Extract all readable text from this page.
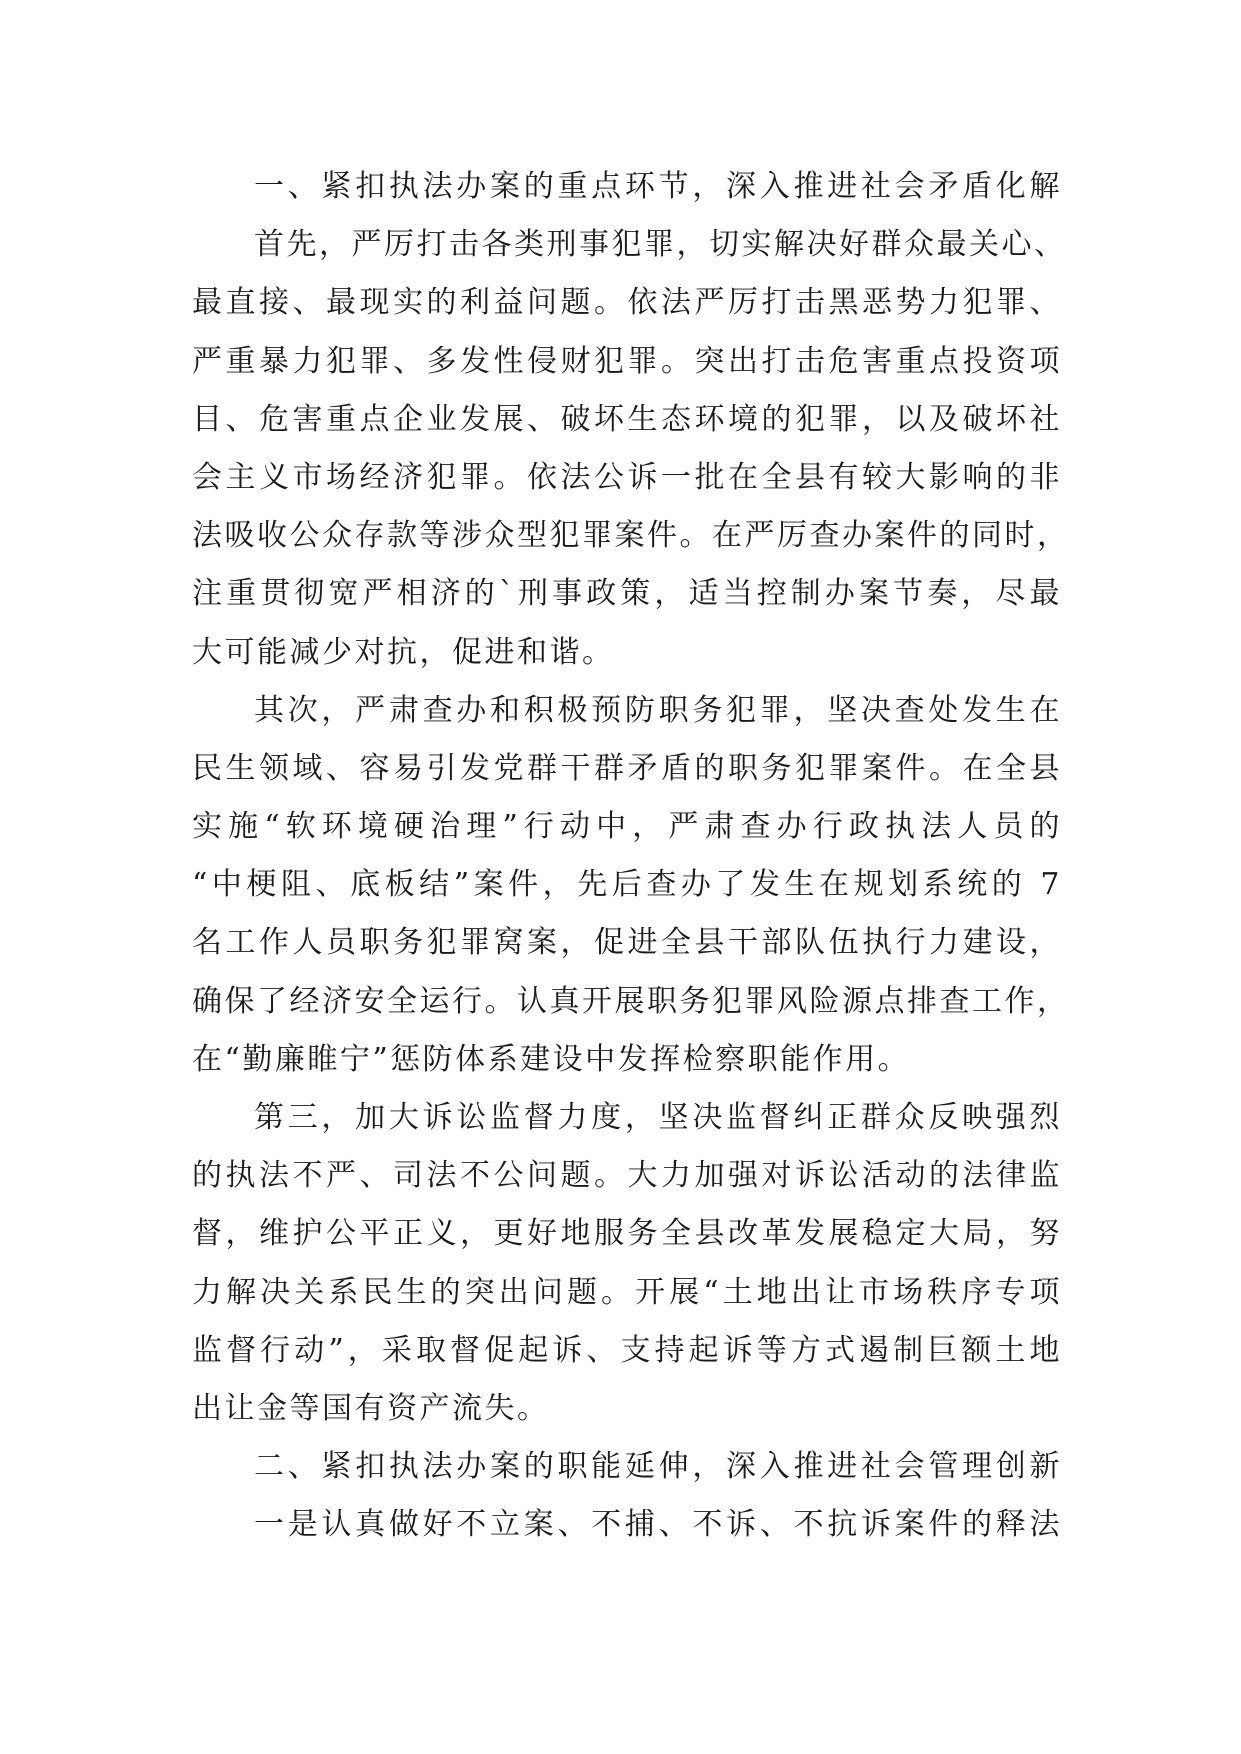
一、紧扣执法办案的重点环节，深入推进社会矛盾化解
首先，严厉打击各类刑事犯罪，切实解决好群众最关心、
最直接、最现实的利益问题。依法严厉打击黑恶势力犯罪、
严重暴力犯罪、多发性侵财犯罪。突出打击危害重点投资项
目、危害重点企业发展、破坏生态环境的犯罪，以及破坏社
会主义市场经济犯罪。依法公诉一批在全县有较大影响的非
法吸收公众存款等涉众型犯罪案件。在严厉查办案件的同时，
注重贯彻宽严相济的`刑事政策，适当控制办案节奏，尽最
大可能减少对抗，促进和谐。
其次，严肃查办和积极预防职务犯罪，坚决查处发生在
民生领域、容易引发党群干群矛盾的职务犯罪案件。在全县
实施“软环境硬治理”行动中，严肃查办行政执法人员的
“中梗阻、底板结”案件，先后查办了发生在规划系统的 7
名工作人员职务犯罪窝案，促进全县干部队伍执行力建设，
确保了经济安全运行。认真开展职务犯罪风险源点排查工作，
在“勤廉睢宁”惩防体系建设中发挥检察职能作用。
第三，加大诉讼监督力度，坚决监督纠正群众反映强烈
的执法不严、司法不公问题。大力加强对诉讼活动的法律监
督，维护公平正义，更好地服务全县改革发展稳定大局，努
力解决关系民生的突出问题。开展“土地出让市场秩序专项
监督行动”，采取督促起诉、支持起诉等方式遏制巨额土地
出让金等国有资产流失。
二、紧扣执法办案的职能延伸，深入推进社会管理创新
一是认真做好不立案、不捕、不诉、不抗诉案件的释法
